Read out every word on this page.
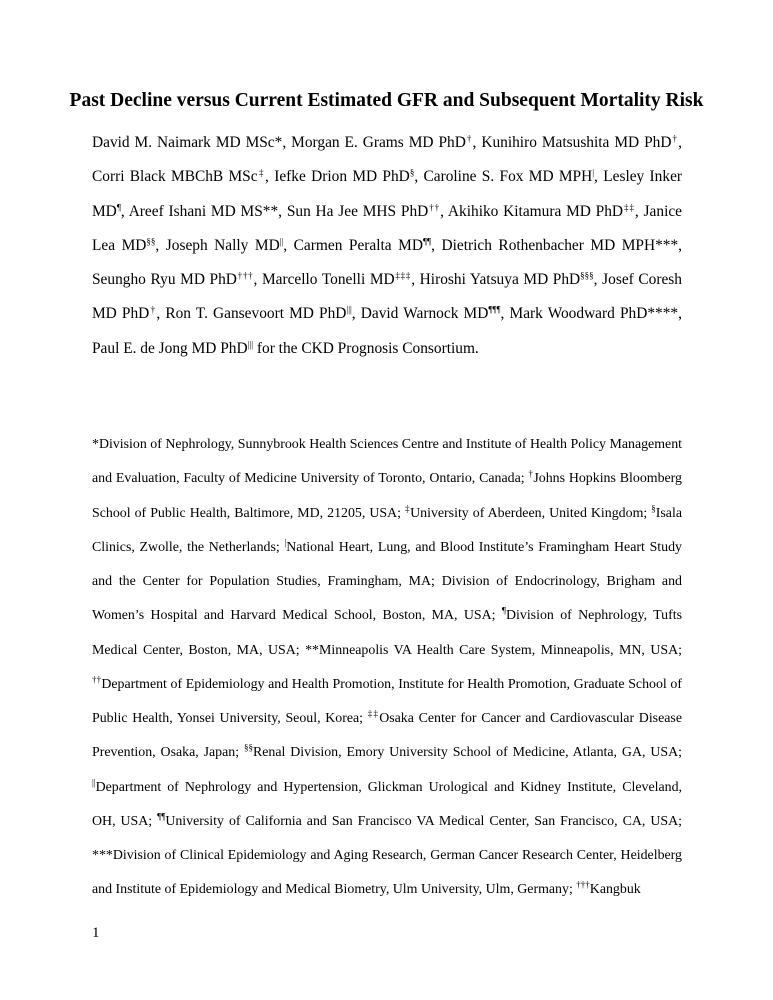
Past Decline versus Current Estimated GFR and Subsequent Mortality Risk
David M. Naimark MD MSc*, Morgan E. Grams MD PhD†, Kunihiro Matsushita MD PhD†, Corri Black MBChB MSc‡, Iefke Drion MD PhD§, Caroline S. Fox MD MPH|, Lesley Inker MD¶, Areef Ishani MD MS**, Sun Ha Jee MHS PhD††, Akihiko Kitamura MD PhD‡‡, Janice Lea MD§§, Joseph Nally MD||, Carmen Peralta MD¶¶, Dietrich Rothenbacher MD MPH***, Seungho Ryu MD PhD†††, Marcello Tonelli MD‡‡‡, Hiroshi Yatsuya MD PhD§§§, Josef Coresh MD PhD†, Ron T. Gansevoort MD PhD|||, David Warnock MD¶¶¶, Mark Woodward PhD****, Paul E. de Jong MD PhD||| for the CKD Prognosis Consortium.
*Division of Nephrology, Sunnybrook Health Sciences Centre and Institute of Health Policy Management and Evaluation, Faculty of Medicine University of Toronto, Ontario, Canada; †Johns Hopkins Bloomberg School of Public Health, Baltimore, MD, 21205, USA; ‡University of Aberdeen, United Kingdom; §Isala Clinics, Zwolle, the Netherlands; |National Heart, Lung, and Blood Institute’s Framingham Heart Study and the Center for Population Studies, Framingham, MA; Division of Endocrinology, Brigham and Women’s Hospital and Harvard Medical School, Boston, MA, USA; ¶Division of Nephrology, Tufts Medical Center, Boston, MA, USA; **Minneapolis VA Health Care System, Minneapolis, MN, USA; ††Department of Epidemiology and Health Promotion, Institute for Health Promotion, Graduate School of Public Health, Yonsei University, Seoul, Korea; ‡‡Osaka Center for Cancer and Cardiovascular Disease Prevention, Osaka, Japan; §§Renal Division, Emory University School of Medicine, Atlanta, GA, USA; ||Department of Nephrology and Hypertension, Glickman Urological and Kidney Institute, Cleveland, OH, USA; ¶¶University of California and San Francisco VA Medical Center, San Francisco, CA, USA; ***Division of Clinical Epidemiology and Aging Research, German Cancer Research Center, Heidelberg and Institute of Epidemiology and Medical Biometry, Ulm University, Ulm, Germany; †††Kangbuk
1
